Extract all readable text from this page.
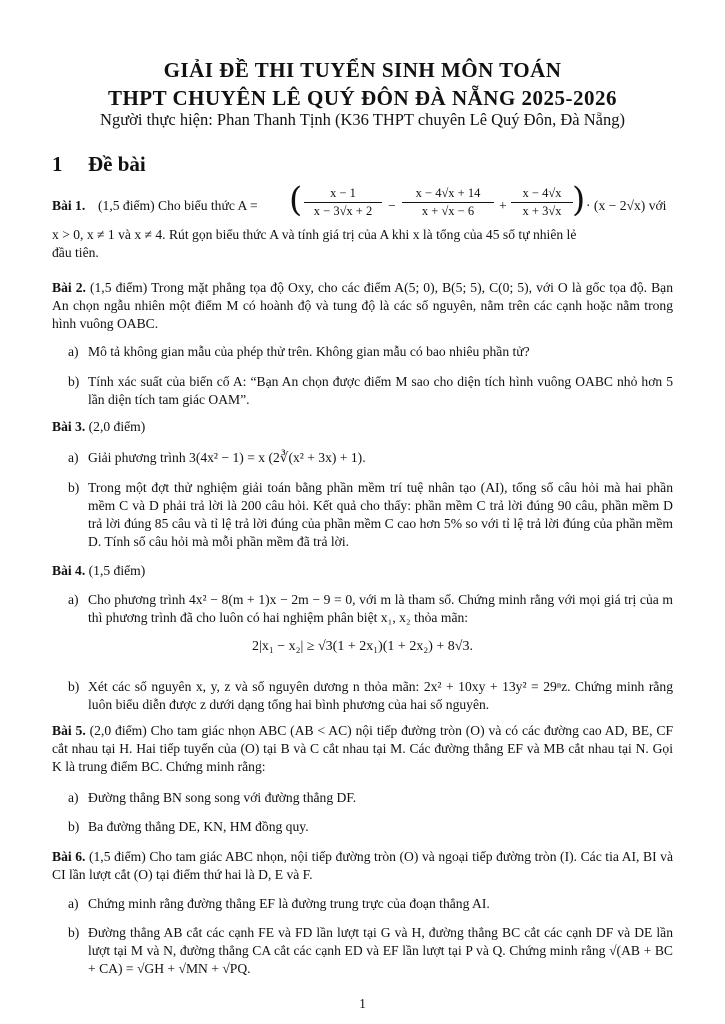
GIẢI ĐỀ THI TUYỂN SINH MÔN TOÁN
THPT CHUYÊN LÊ QUÝ ĐÔN ĐÀ NẴNG 2025-2026
Người thực hiện: Phan Thanh Tịnh (K36 THPT chuyên Lê Quý Đôn, Đà Nẵng)
1 Đề bài
Bài 1. (1,5 điểm) Cho biểu thức A = ( $\frac{x - 1}{x - 3√x + 2} - \frac{x - 4√x + 14}{x + √x - 6} + \frac{x - 4√x}{x + 3√x}$ ) · (x − 2√x) với
x > 0, x ≠ 1 và x ≠ 4. Rút gọn biểu thức A và tính giá trị của A khi x là tổng của 45 số tự nhiên lẻ
đầu tiên.
Bài 2. (1,5 điểm) Trong mặt phẳng tọa độ Oxy, cho các điểm A(5; 0), B(5; 5), C(0; 5), với O là gốc tọa độ. Bạn An chọn ngẫu nhiên một điểm M có hoành độ và tung độ là các số nguyên, nằm trên các cạnh hoặc nằm trong hình vuông OABC.
a) Mô tả không gian mẫu của phép thử trên. Không gian mẫu có bao nhiêu phần tử?
b) Tính xác suất của biến cố A: “Bạn An chọn được điểm M sao cho diện tích hình vuông OABC nhỏ hơn 5 lần diện tích tam giác OAM”.
Bài 3. (2,0 điểm)
a) Giải phương trình 3(4x² − 1) = x (2∛(x² + 3x) + 1).
b) Trong một đợt thử nghiệm giải toán bằng phần mềm trí tuệ nhân tạo (AI), tổng số câu hỏi mà hai phần mềm C và D phải trả lời là 200 câu hỏi. Kết quả cho thấy: phần mềm C trả lời đúng 90 câu, phần mềm D trả lời đúng 85 câu và tỉ lệ trả lời đúng của phần mềm C cao hơn 5% so với tỉ lệ trả lời đúng của phần mềm D. Tính số câu hỏi mà mỗi phần mềm đã trả lời.
Bài 4. (1,5 điểm)
a) Cho phương trình 4x² − 8(m + 1)x − 2m − 9 = 0, với m là tham số. Chứng minh rằng với mọi giá trị của m thì phương trình đã cho luôn có hai nghiệm phân biệt x₁, x₂ thỏa mãn:
2|x₁ − x₂| ≥ √3(1 + 2x₁)(1 + 2x₂) + 8√3.
b) Xét các số nguyên x, y, z và số nguyên dương n thỏa mãn: 2x² + 10xy + 13y² = 29ⁿz. Chứng minh rằng luôn biểu diễn được z dưới dạng tổng hai bình phương của hai số nguyên.
Bài 5. (2,0 điểm) Cho tam giác nhọn ABC (AB < AC) nội tiếp đường tròn (O) và có các đường cao AD, BE, CF cắt nhau tại H. Hai tiếp tuyến của (O) tại B và C cắt nhau tại M. Các đường thẳng EF và MB cắt nhau tại N. Gọi K là trung điểm BC. Chứng minh rằng:
a) Đường thẳng BN song song với đường thẳng DF.
b) Ba đường thẳng DE, KN, HM đồng quy.
Bài 6. (1,5 điểm) Cho tam giác ABC nhọn, nội tiếp đường tròn (O) và ngoại tiếp đường tròn (I). Các tia AI, BI và CI lần lượt cắt (O) tại điểm thứ hai là D, E và F.
a) Chứng minh rằng đường thẳng EF là đường trung trực của đoạn thẳng AI.
b) Đường thẳng AB cắt các cạnh FE và FD lần lượt tại G và H, đường thẳng BC cắt các cạnh DF và DE lần lượt tại M và N, đường thẳng CA cắt các cạnh ED và EF lần lượt tại P và Q. Chứng minh rằng √(AB + BC + CA) = √GH + √MN + √PQ.
1
